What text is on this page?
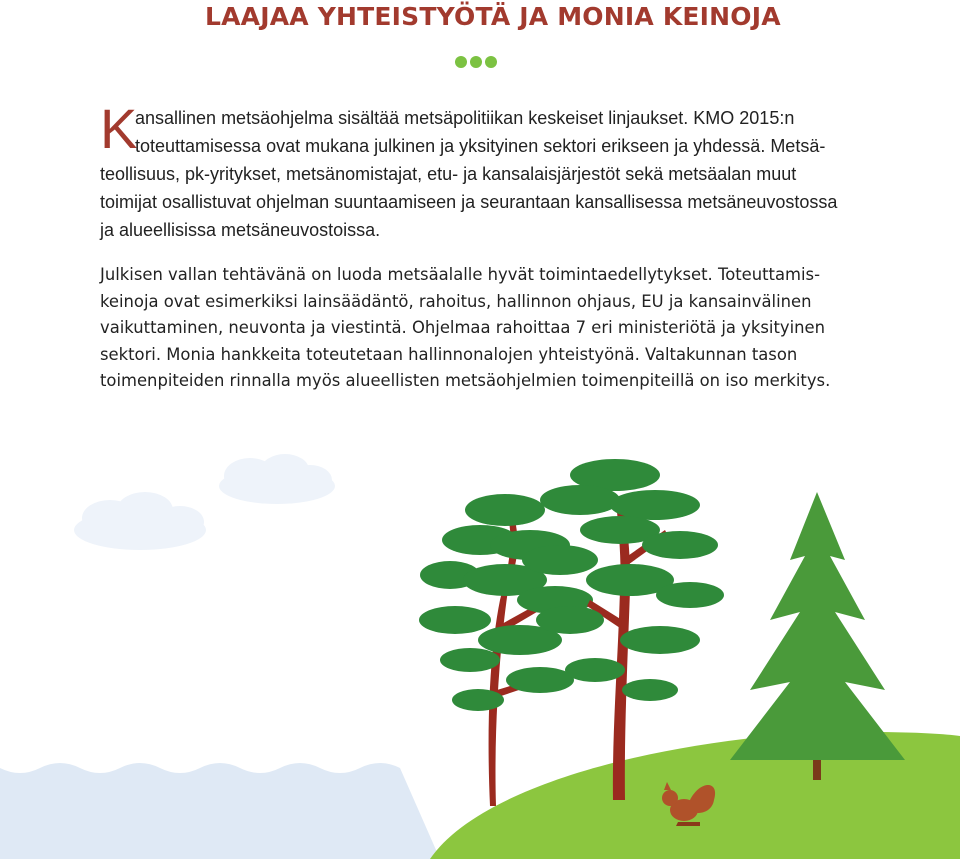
LAAJAA YHTEISTYÖTÄ JA MONIA KEINOJA
K

ansallinen metsäohjelma sisältää metsäpolitiikan keskeiset linjaukset. KMO 2015:n
toteuttamisessa ovat mukana julkinen ja yksityinen sektori erikseen ja yhdessä. Metsä-
teollisuus, pk-yritykset, metsänomistajat, etu- ja kansalaisjärjestöt sekä metsäalan muut
toimijat osallistuvat ohjelman suuntaamiseen ja seurantaan kansallisessa metsäneuvostossa
ja alueellisissa metsäneuvostoissa.

Julkisen vallan tehtävänä on luoda metsäalalle hyvät toimintaedellytykset. Toteuttamis-
keinoja ovat esimerkiksi lainsäädäntö, rahoitus, hallinnon ohjaus, EU ja kansainvälinen
vaikuttaminen, neuvonta ja viestintä. Ohjelmaa rahoittaa 7 eri ministeriötä ja yksityinen
sektori. Monia hankkeita toteutetaan hallinnonalojen yhteistyönä. Valtakunnan tason
toimenpiteiden rinnalla myös alueellisten metsäohjelmien toimenpiteillä on iso merkitys.
